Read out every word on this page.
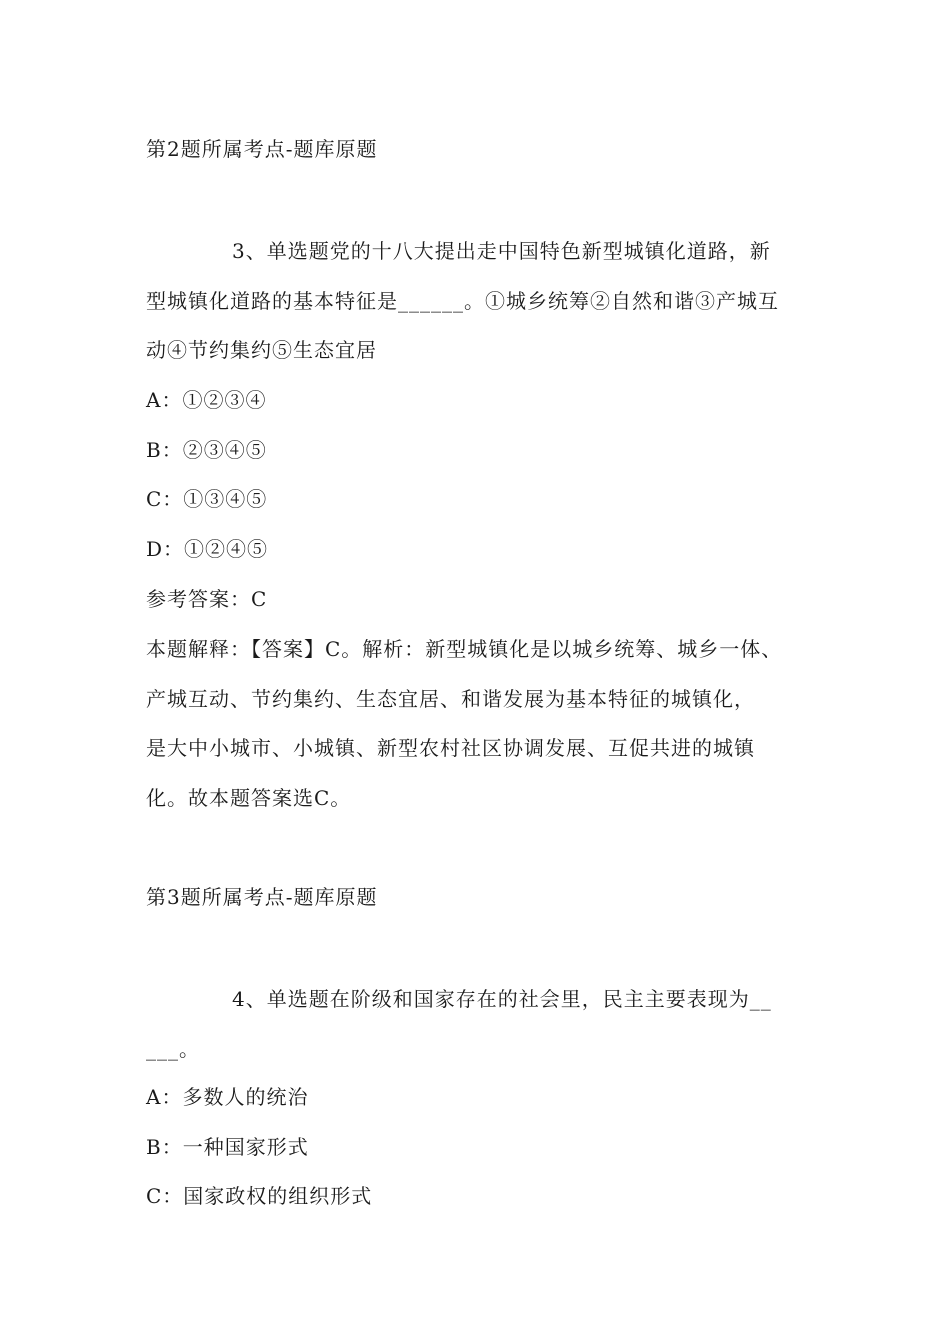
第2题所属考点-题库原题
3、单选题党的十八大提出走中国特色新型城镇化道路，新
型城镇化道路的基本特征是______。①城乡统筹②自然和谐③产城互
动④节约集约⑤生态宜居
A：①②③④
B：②③④⑤
C：①③④⑤
D：①②④⑤
参考答案：C
本题解释：【答案】C。解析：新型城镇化是以城乡统筹、城乡一体、
产城互动、节约集约、生态宜居、和谐发展为基本特征的城镇化，
是大中小城市、小城镇、新型农村社区协调发展、互促共进的城镇
化。故本题答案选C。
第3题所属考点-题库原题
4、单选题在阶级和国家存在的社会里，民主主要表现为__
___。
A：多数人的统治
B：一种国家形式
C：国家政权的组织形式
